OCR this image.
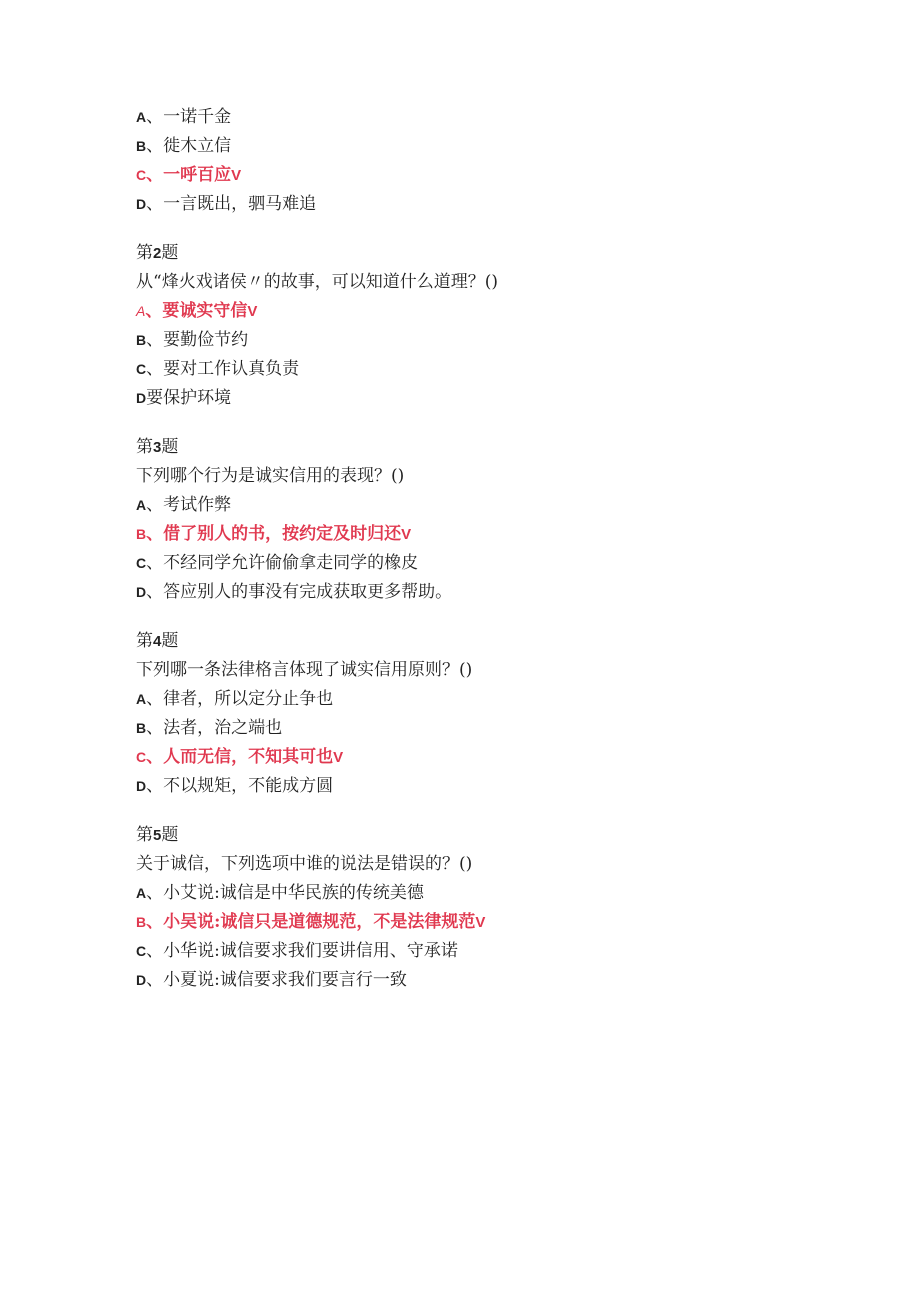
A、一诺千金
B、徙木立信
C、一呼百应V
D、一言既出，驷马难追
第2题
从“烽火戏诸侯〃的故事，可以知道什么道理？()
A、要诚实守信V
B、要勤俭节约
C、要对工作认真负责
D要保护环境
第3题
下列哪个行为是诚实信用的表现？()
A、考试作弊
B、借了别人的书，按约定及时归还V
C、不经同学允许偷偷拿走同学的橡皮
D、答应别人的事没有完成获取更多帮助。
第4题
下列哪一条法律格言体现了诚实信用原则？()
A、律者，所以定分止争也
B、法者，治之端也
C、人而无信，不知其可也V
D、不以规矩，不能成方圆
第5题
关于诚信，下列选项中谁的说法是错误的？()
A、小艾说:诚信是中华民族的传统美德
B、小吴说:诚信只是道德规范，不是法律规范V
C、小华说:诚信要求我们要讲信用、守承诺
D、小夏说:诚信要求我们要言行一致
